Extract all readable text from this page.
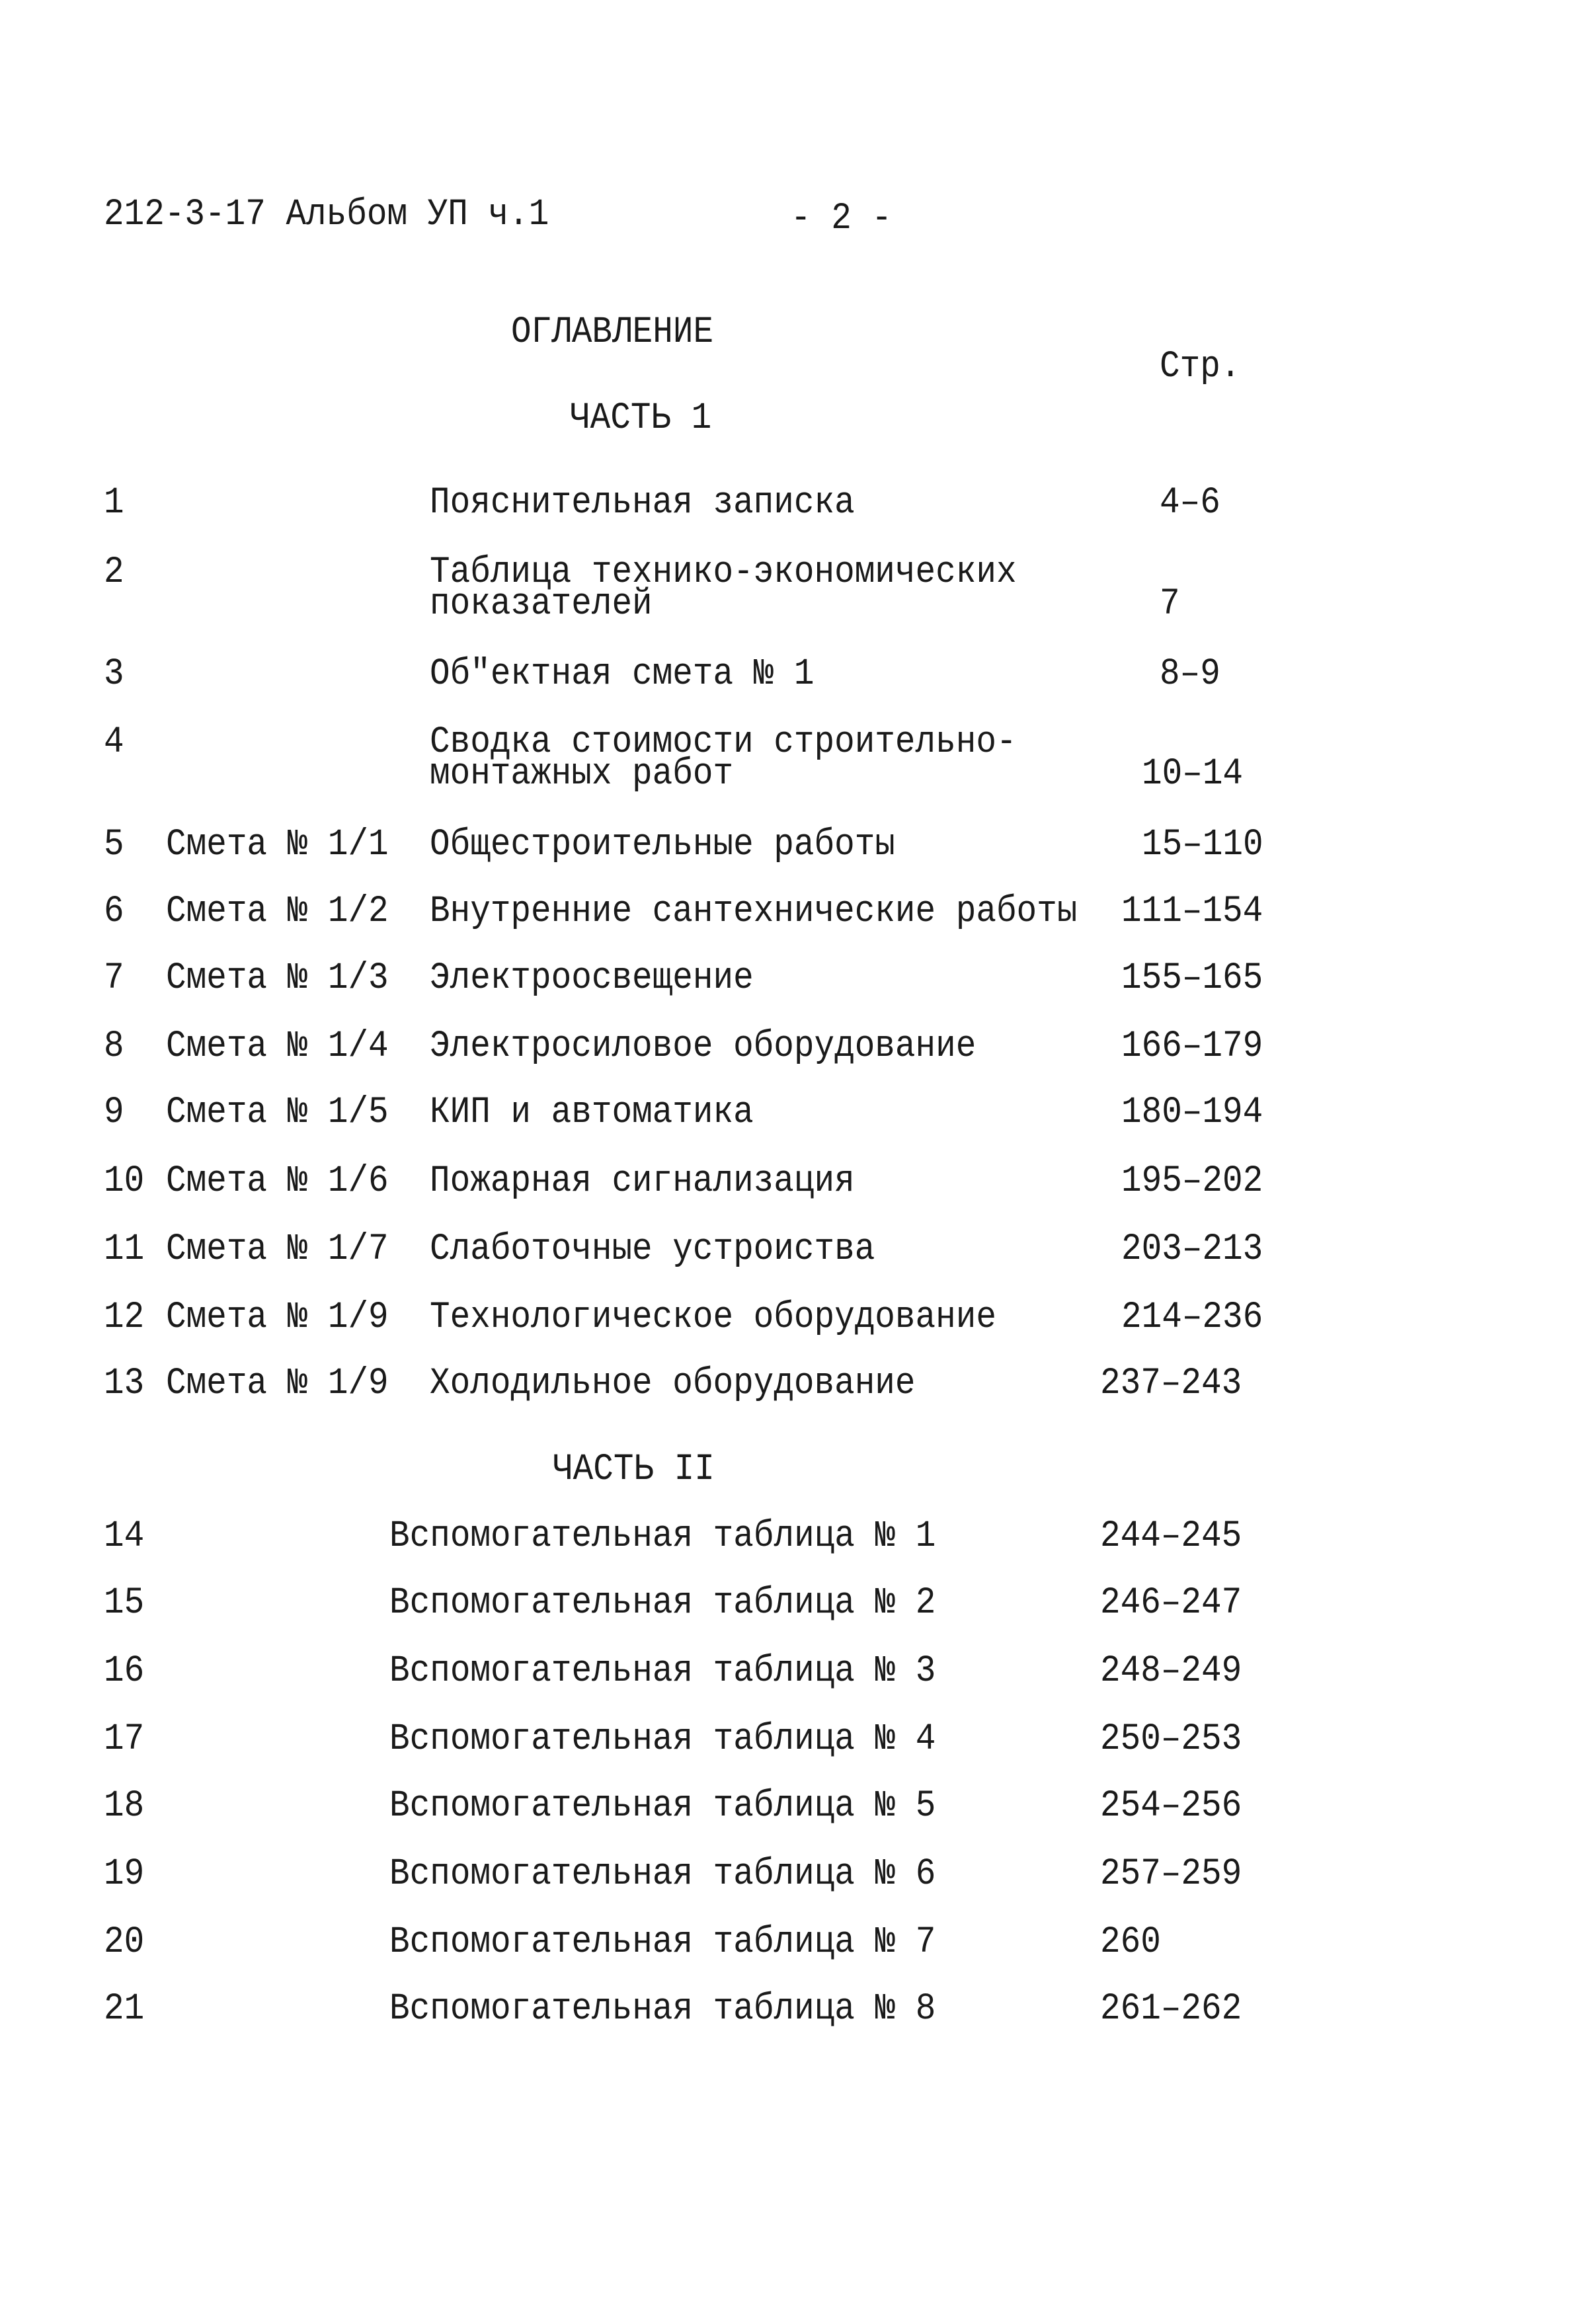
212-3-17 Альбом УП ч.1	- 2 -
ОГЛАВЛЕНИЕ
Стр.
ЧАСТЬ 1
1	Пояснительная записка	4–6
2	Таблица технико-экономических
показателей	7
3	Об"ектная смета № 1	8–9
4	Сводка стоимости строительно-
монтажных работ	10–14
5 Смета № 1/1 Общестроительные работы	15–110
6 Смета № 1/2 Внутренние сантехнические работы 111–154
7 Смета № 1/3 Электроосвещение	155–165
8 Смета № 1/4 Электросиловое оборудование	166–179
9 Смета № 1/5 КИП и автоматика	180–194
10 Смета № 1/6 Пожарная сигнализация	195–202
11 Смета № 1/7 Слаботочные устроиства	203–213
12 Смета № 1/9 Технологическое оборудование	214–236
13 Смета № 1/9 Холодильное оборудование	237–243
ЧАСТЬ II
14	Вспомогательная таблица № 1	244–245
15	Вспомогательная таблица № 2	246–247
16	Вспомогательная таблица № 3	248–249
17	Вспомогательная таблица № 4	250–253
18	Вспомогательная таблица № 5	254–256
19	Вспомогательная таблица № 6	257–259
20	Вспомогательная таблица № 7	260
21	Вспомогательная таблица № 8	261–262
